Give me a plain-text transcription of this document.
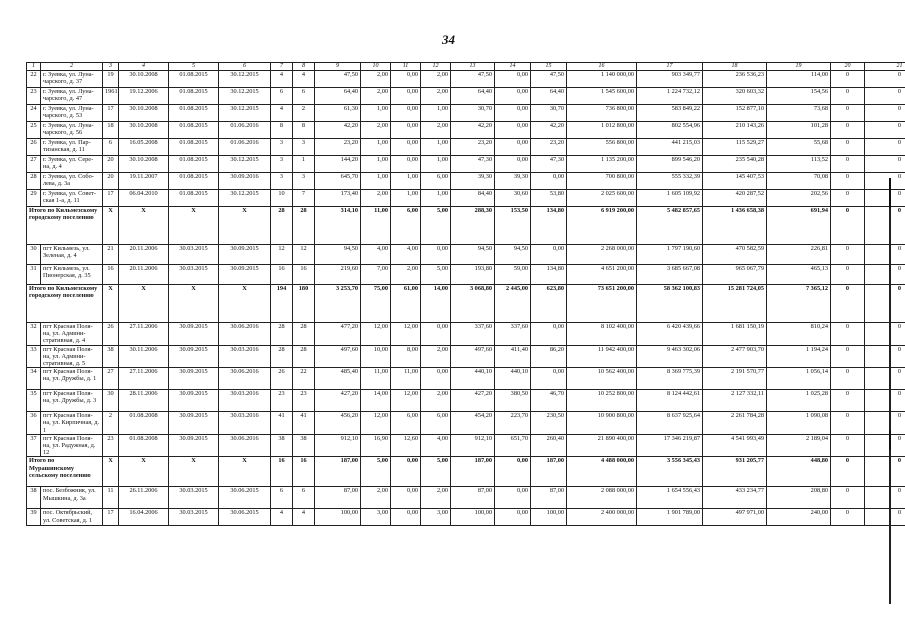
34
1	2	3	4	5	6	7	8	9	10	11	12	13	14	15	16	17	18	19	20	21
22	г. Зуевка, ул. Луна- чарского, д. 37	19	30.10.2008	01.08.2015	30.12.2015	4	4	47,50	2,00	0,00	2,00	47,50	0,00	47,50	1 140 000,00	903 349,77	236 536,23	114,00	0	0
23	г. Зуевка, ул. Луна- чарского, д. 47	1961	19.12.2006	01.08.2015	30.12.2015	6	6	64,40	2,00	0,00	2,00	64,40	0,00	64,40	1 545 600,00	1 224 732,12	320 603,32	154,56	0	0
24	г. Зуевка, ул. Луна- чарского, д. 53	17	30.10.2008	01.08.2015	30.12.2015	4	2	61,30	1,00	0,00	1,00	30,70	0,00	30,70	736 800,00	583 849,22	152 877,10	73,68	0	0
25	г. Зуевка, ул. Луна- чарского, д. 56	18	30.10.2008	01.08.2015	01.06.2016	8	8	42,20	2,00	0,00	2,00	42,20	0,00	42,20	1 012 800,00	802 554,96	210 143,26	101,28	0	0
26	г. Зуевка, ул. Пар- тизанская, д. 11	6	16.05.2008	01.08.2015	01.06.2016	3	3	23,20	1,00	0,00	1,00	23,20	0,00	23,20	556 800,00	441 215,03	115 529,27	55,68	0	0
27	г. Зуевка, ул. Сере- на, д. 4	20	30.10.2008	01.08.2015	30.12.2015	3	1	144,20	1,00	0,00	1,00	47,30	0,00	47,30	1 135 200,00	899 546,20	235 540,28	113,52	0	0
28	г. Зуевка, ул. Собо- лева, д. 3а	20	19.11.2007	01.08.2015	30.09.2016	3	3	645,70	1,00	1,00	6,00	39,30	39,30	0,00	700 800,00	555 332,39	145 407,53	70,08	0	0
29	г. Зуевка, ул. Совет- ская 1-а, д. 11	17	06.04.2010	01.08.2015	30.12.2015	10	7	173,40	2,00	1,00	1,00	84,40	30,60	53,80	2 025 600,00	1 605 109,92	420 287,52	202,56	0	0
Итого по Кильмезскому городскому поселению		X	X	X	X	28	28	314,10	11,00	6,00	5,00	288,30	153,50	134,80	6 919 200,00	5 482 857,65	1 436 658,38	691,94	0	0
30	пгт Кильмезь, ул. Зеленая, д. 4	21	20.11.2006	30.03.2015	30.09.2015	12	12	94,50	4,00	4,00	0,00	94,50	94,50	0,00	2 268 000,00	1 797 190,60	470 582,59	226,81	0	0
31	пгт Кильмезь, ул. Пионерская, д. 35	16	20.11.2006	30.03.2015	30.09.2015	16	16	219,60	7,00	2,00	5,00	193,80	59,00	134,80	4 651 200,00	3 685 667,08	965 067,79	465,13	0	0
Итого по Кильмезскому городскому поселению		X	X	X	X	194	180	3 253,70	75,00	61,00	14,00	3 068,80	2 445,00	623,80	73 651 200,00	58 362 100,83	15 281 724,05	7 365,12	0	0
32	пгт Красная Поля- на, ул. Админи- стративная, д. 4	26	27.11.2006	30.09.2015	30.06.2016	28	28	477,20	12,00	12,00	0,00	337,60	337,60	0,00	8 102 400,00	6 420 439,66	1 681 150,19	810,24	0	0
33	пгт Красная Поля- на, ул. Админи- стративная, д. 5	38	30.11.2006	30.09.2015	30.03.2016	28	28	497,60	10,00	8,00	2,00	497,60	411,40	86,20	11 942 400,00	9 463 302,06	2 477 903,70	1 194,24	0	0
34	пгт Красная Поля- на, ул. Дружбы, д. 1	27	27.11.2006	30.09.2015	30.06.2016	26	22	485,40	11,00	11,00	0,00	440,10	440,10	0,00	10 562 400,00	8 369 775,39	2 191 570,77	1 056,14	0	0
35	пгт Красная Поля- на, ул. Дружбы, д. 3	30	28.11.2006	30.09.2015	30.03.2016	23	23	427,20	14,00	12,00	2,00	427,20	380,50	46,70	10 252 800,00	8 124 442,61	2 127 332,11	1 025,28	0	0
36	пгт Красная Поля- на, ул. Кирпичная, д. 1	2	01.08.2008	30.09.2015	30.03.2016	41	41	456,20	12,00	6,00	6,00	454,20	223,70	230,50	10 900 800,00	8 637 925,64	2 261 784,28	1 090,08	0	0
37	пгт Красная Поля- на, ул. Радужная, д. 12	23	01.08.2008	30.09.2015	30.06.2016	38	38	912,10	16,90	12,60	4,00	912,10	651,70	260,40	21 890 400,00	17 346 219,87	4 541 993,49	2 189,04	0	0
Итого по Мурашинскому сельскому поселению		X	X	X	X	16	16	187,00	5,00	0,00	5,00	187,00	0,00	187,00	4 488 000,00	3 556 345,43	931 205,77	448,80	0	0
38	пос. Безбожник, ул. Мышкина, д. 3а	11	26.11.2006	30.03.2015	30.06.2015	6	6	87,00	2,00	0,00	2,00	87,00	0,00	87,00	2 088 000,00	1 654 556,43	433 234,77	208,80	0	0
39	пос. Октябрьский, ул. Советская, д. 1	17	16.04.2006	30.03.2015	30.06.2015	4	4	100,00	3,00	0,00	3,00	100,00	0,00	100,00	2 400 000,00	1 901 789,00	497 971,00	240,00	0	0
